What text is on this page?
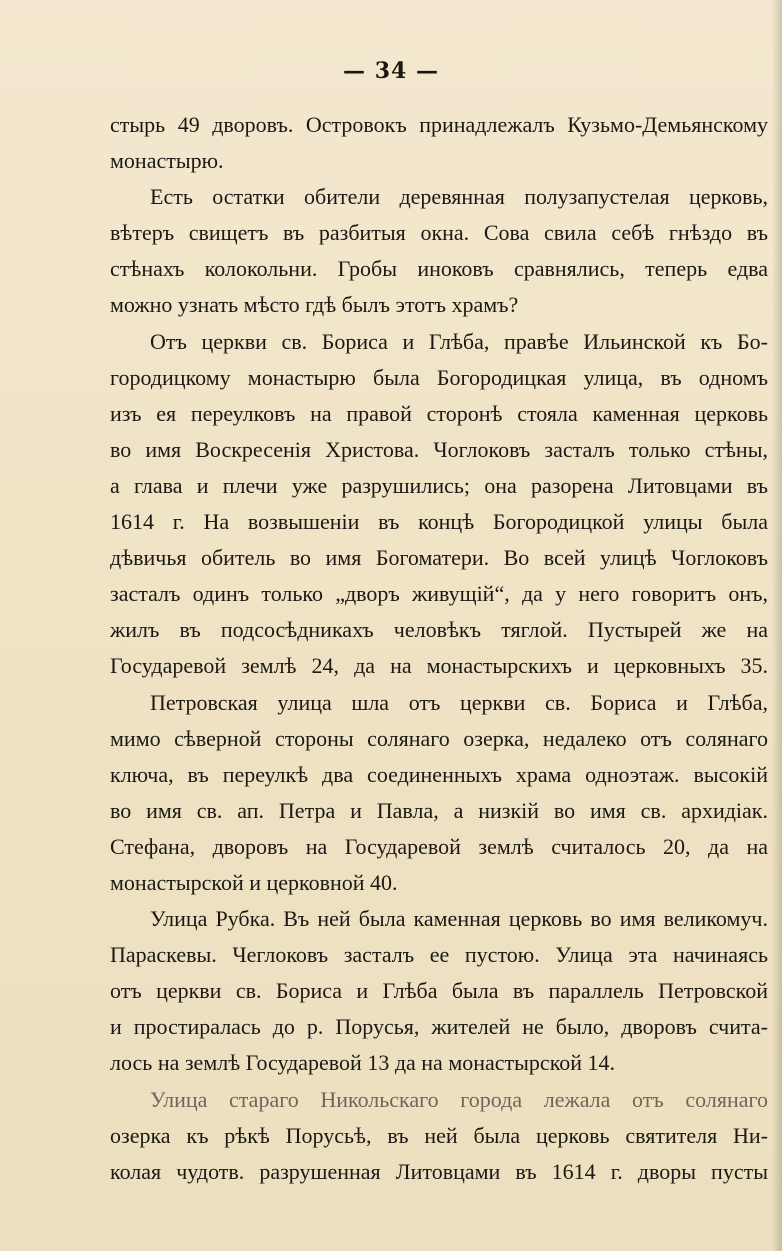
— 34 —
стырь 49 дворовъ. Островокъ принадлежалъ Кузьмо-Демьянскому
монастырю.
Есть остатки обители деревянная полузапустелая церковь,
вѣтеръ свищетъ въ разбитыя окна. Сова свила себѣ гнѣздо въ
стѣнахъ колокольни. Гробы иноковъ сравнялись, теперь едва
можно узнать мѣсто гдѣ былъ этотъ храмъ?
Отъ церкви св. Бориса и Глѣба, правѣе Ильинской къ Бо-
городицкому монастырю была Богородицкая улица, въ одномъ
изъ ея переулковъ на правой сторонѣ стояла каменная церковь
во имя Воскресенія Христова. Чоглоковъ засталъ только стѣны,
а глава и плечи уже разрушились; она разорена Литовцами въ
1614 г. На возвышеніи въ концѣ Богородицкой улицы была
дѣвичья обитель во имя Богоматери. Во всей улицѣ Чоглоковъ
засталъ одинъ только „дворъ живущій“, да у него говоритъ онъ,
жилъ въ подсосѣдникахъ человѣкъ тяглой. Пустырей же на
Государевой землѣ 24, да на монастырскихъ и церковныхъ 35.
Петровская улица шла отъ церкви св. Бориса и Глѣба,
мимо сѣверной стороны солянаго озерка, недалеко отъ солянаго
ключа, въ переулкѣ два соединенныхъ храма одноэтаж. высокій
во имя св. ап. Петра и Павла, а низкій во имя св. архидіак.
Стефана, дворовъ на Государевой землѣ считалось 20, да на
монастырской и церковной 40.
Улица Рубка. Въ ней была каменная церковь во имя великомуч.
Параскевы. Чеглоковъ засталъ ее пустою. Улица эта начинаясь
отъ церкви св. Бориса и Глѣба была въ параллель Петровской
и простиралась до р. Порусья, жителей не было, дворовъ счита-
лось на землѣ Государевой 13 да на монастырской 14.
Улица стараго Никольскаго города лежала отъ солянаго
озерка къ рѣкѣ Порусьѣ, въ ней была церковь святителя Ни-
колая чудотв. разрушенная Литовцами въ 1614 г. дворы пусты
